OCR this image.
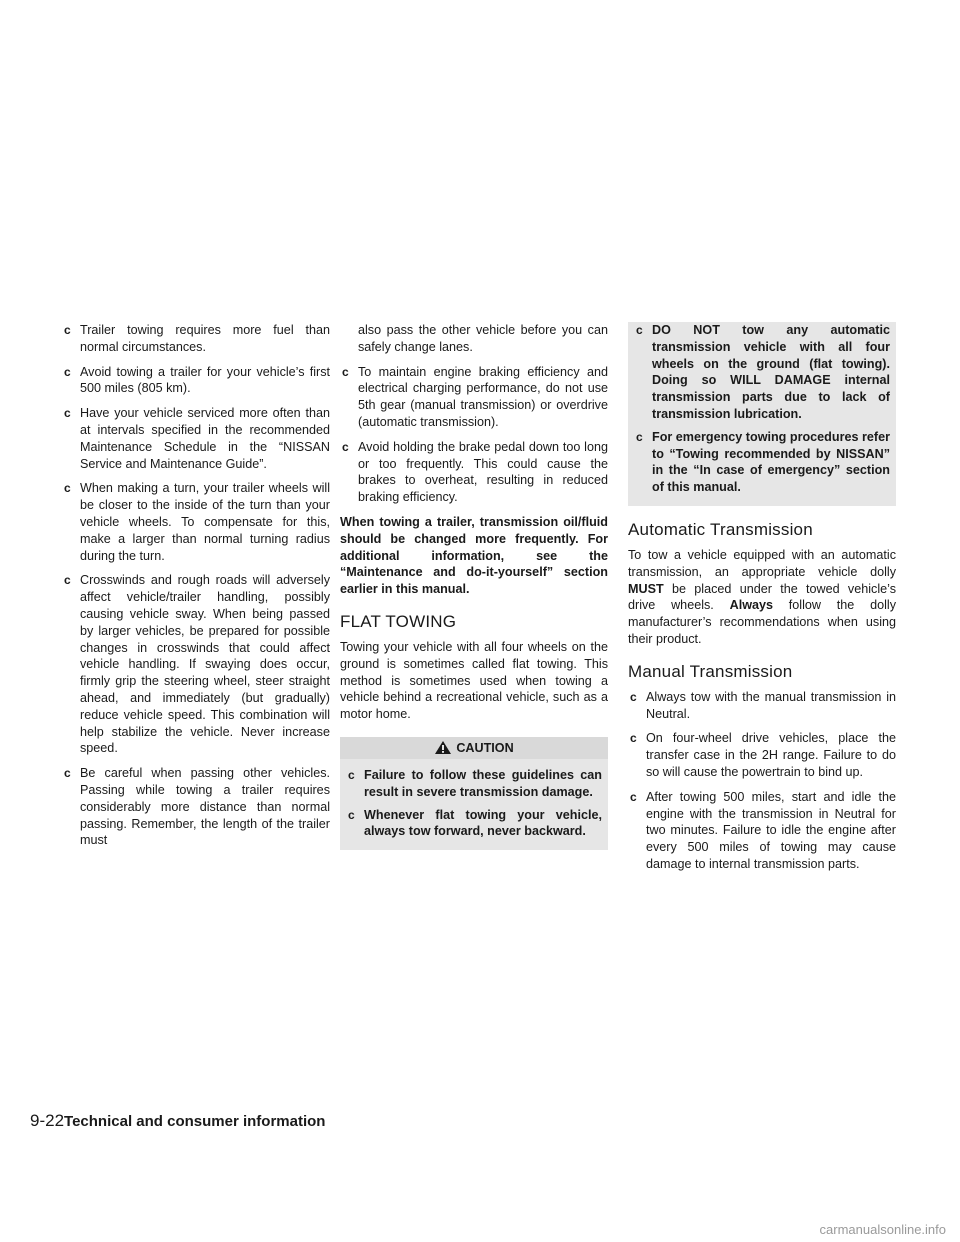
c Trailer towing requires more fuel than normal circumstances.
c Avoid towing a trailer for your vehicle’s first 500 miles (805 km).
c Have your vehicle serviced more often than at intervals specified in the recommended Maintenance Schedule in the “NISSAN Service and Maintenance Guide”.
c When making a turn, your trailer wheels will be closer to the inside of the turn than your vehicle wheels. To compensate for this, make a larger than normal turning radius during the turn.
c Crosswinds and rough roads will adversely affect vehicle/trailer handling, possibly causing vehicle sway. When being passed by larger vehicles, be prepared for possible changes in crosswinds that could affect vehicle handling. If swaying does occur, firmly grip the steering wheel, steer straight ahead, and immediately (but gradually) reduce vehicle speed. This combination will help stabilize the vehicle. Never increase speed.
c Be careful when passing other vehicles. Passing while towing a trailer requires considerably more distance than normal passing. Remember, the length of the trailer must
also pass the other vehicle before you can safely change lanes.
c To maintain engine braking efficiency and electrical charging performance, do not use 5th gear (manual transmission) or overdrive (automatic transmission).
c Avoid holding the brake pedal down too long or too frequently. This could cause the brakes to overheat, resulting in reduced braking efficiency.
When towing a trailer, transmission oil/fluid should be changed more frequently. For additional information, see the “Maintenance and do-it-yourself” section earlier in this manual.
FLAT TOWING
Towing your vehicle with all four wheels on the ground is sometimes called flat towing. This method is sometimes used when towing a vehicle behind a recreational vehicle, such as a motor home.
CAUTION
c Failure to follow these guidelines can result in severe transmission damage.
c Whenever flat towing your vehicle, always tow forward, never backward.
c DO NOT tow any automatic transmission vehicle with all four wheels on the ground (flat towing). Doing so WILL DAMAGE internal transmission parts due to lack of transmission lubrication.
c For emergency towing procedures refer to “Towing recommended by NISSAN” in the “In case of emergency” section of this manual.
Automatic Transmission
To tow a vehicle equipped with an automatic transmission, an appropriate vehicle dolly MUST be placed under the towed vehicle’s drive wheels. Always follow the dolly manufacturer’s recommendations when using their product.
Manual Transmission
c Always tow with the manual transmission in Neutral.
c On four-wheel drive vehicles, place the transfer case in the 2H range. Failure to do so will cause the powertrain to bind up.
c After towing 500 miles, start and idle the engine with the transmission in Neutral for two minutes. Failure to idle the engine after every 500 miles of towing may cause damage to internal transmission parts.
9-22Technical and consumer information
carmanualsonline.info
